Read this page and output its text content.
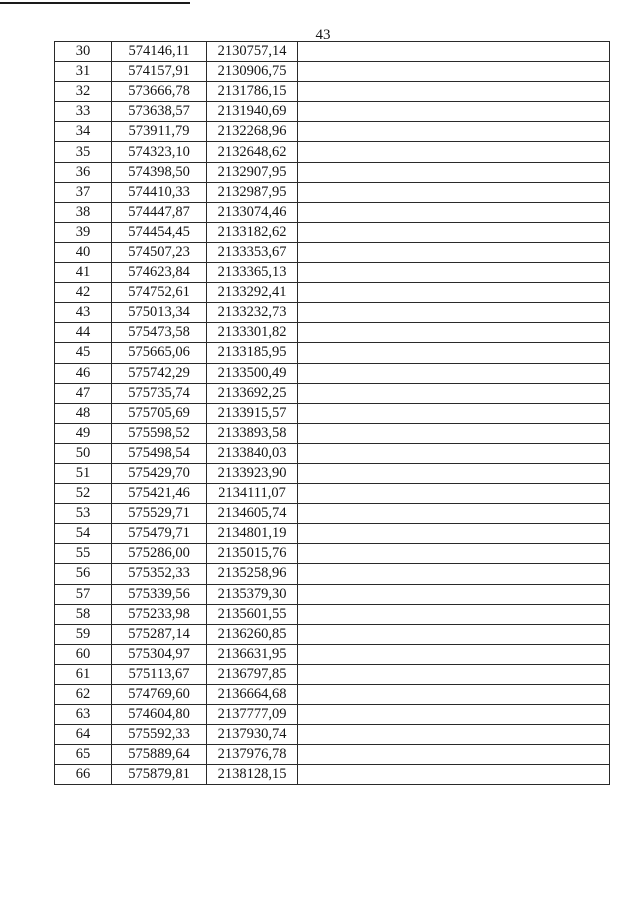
43
30	574146,11	2130757,14	
31	574157,91	2130906,75	
32	573666,78	2131786,15	
33	573638,57	2131940,69	
34	573911,79	2132268,96	
35	574323,10	2132648,62	
36	574398,50	2132907,95	
37	574410,33	2132987,95	
38	574447,87	2133074,46	
39	574454,45	2133182,62	
40	574507,23	2133353,67	
41	574623,84	2133365,13	
42	574752,61	2133292,41	
43	575013,34	2133232,73	
44	575473,58	2133301,82	
45	575665,06	2133185,95	
46	575742,29	2133500,49	
47	575735,74	2133692,25	
48	575705,69	2133915,57	
49	575598,52	2133893,58	
50	575498,54	2133840,03	
51	575429,70	2133923,90	
52	575421,46	2134111,07	
53	575529,71	2134605,74	
54	575479,71	2134801,19	
55	575286,00	2135015,76	
56	575352,33	2135258,96	
57	575339,56	2135379,30	
58	575233,98	2135601,55	
59	575287,14	2136260,85	
60	575304,97	2136631,95	
61	575113,67	2136797,85	
62	574769,60	2136664,68	
63	574604,80	2137777,09	
64	575592,33	2137930,74	
65	575889,64	2137976,78	
66	575879,81	2138128,15	
